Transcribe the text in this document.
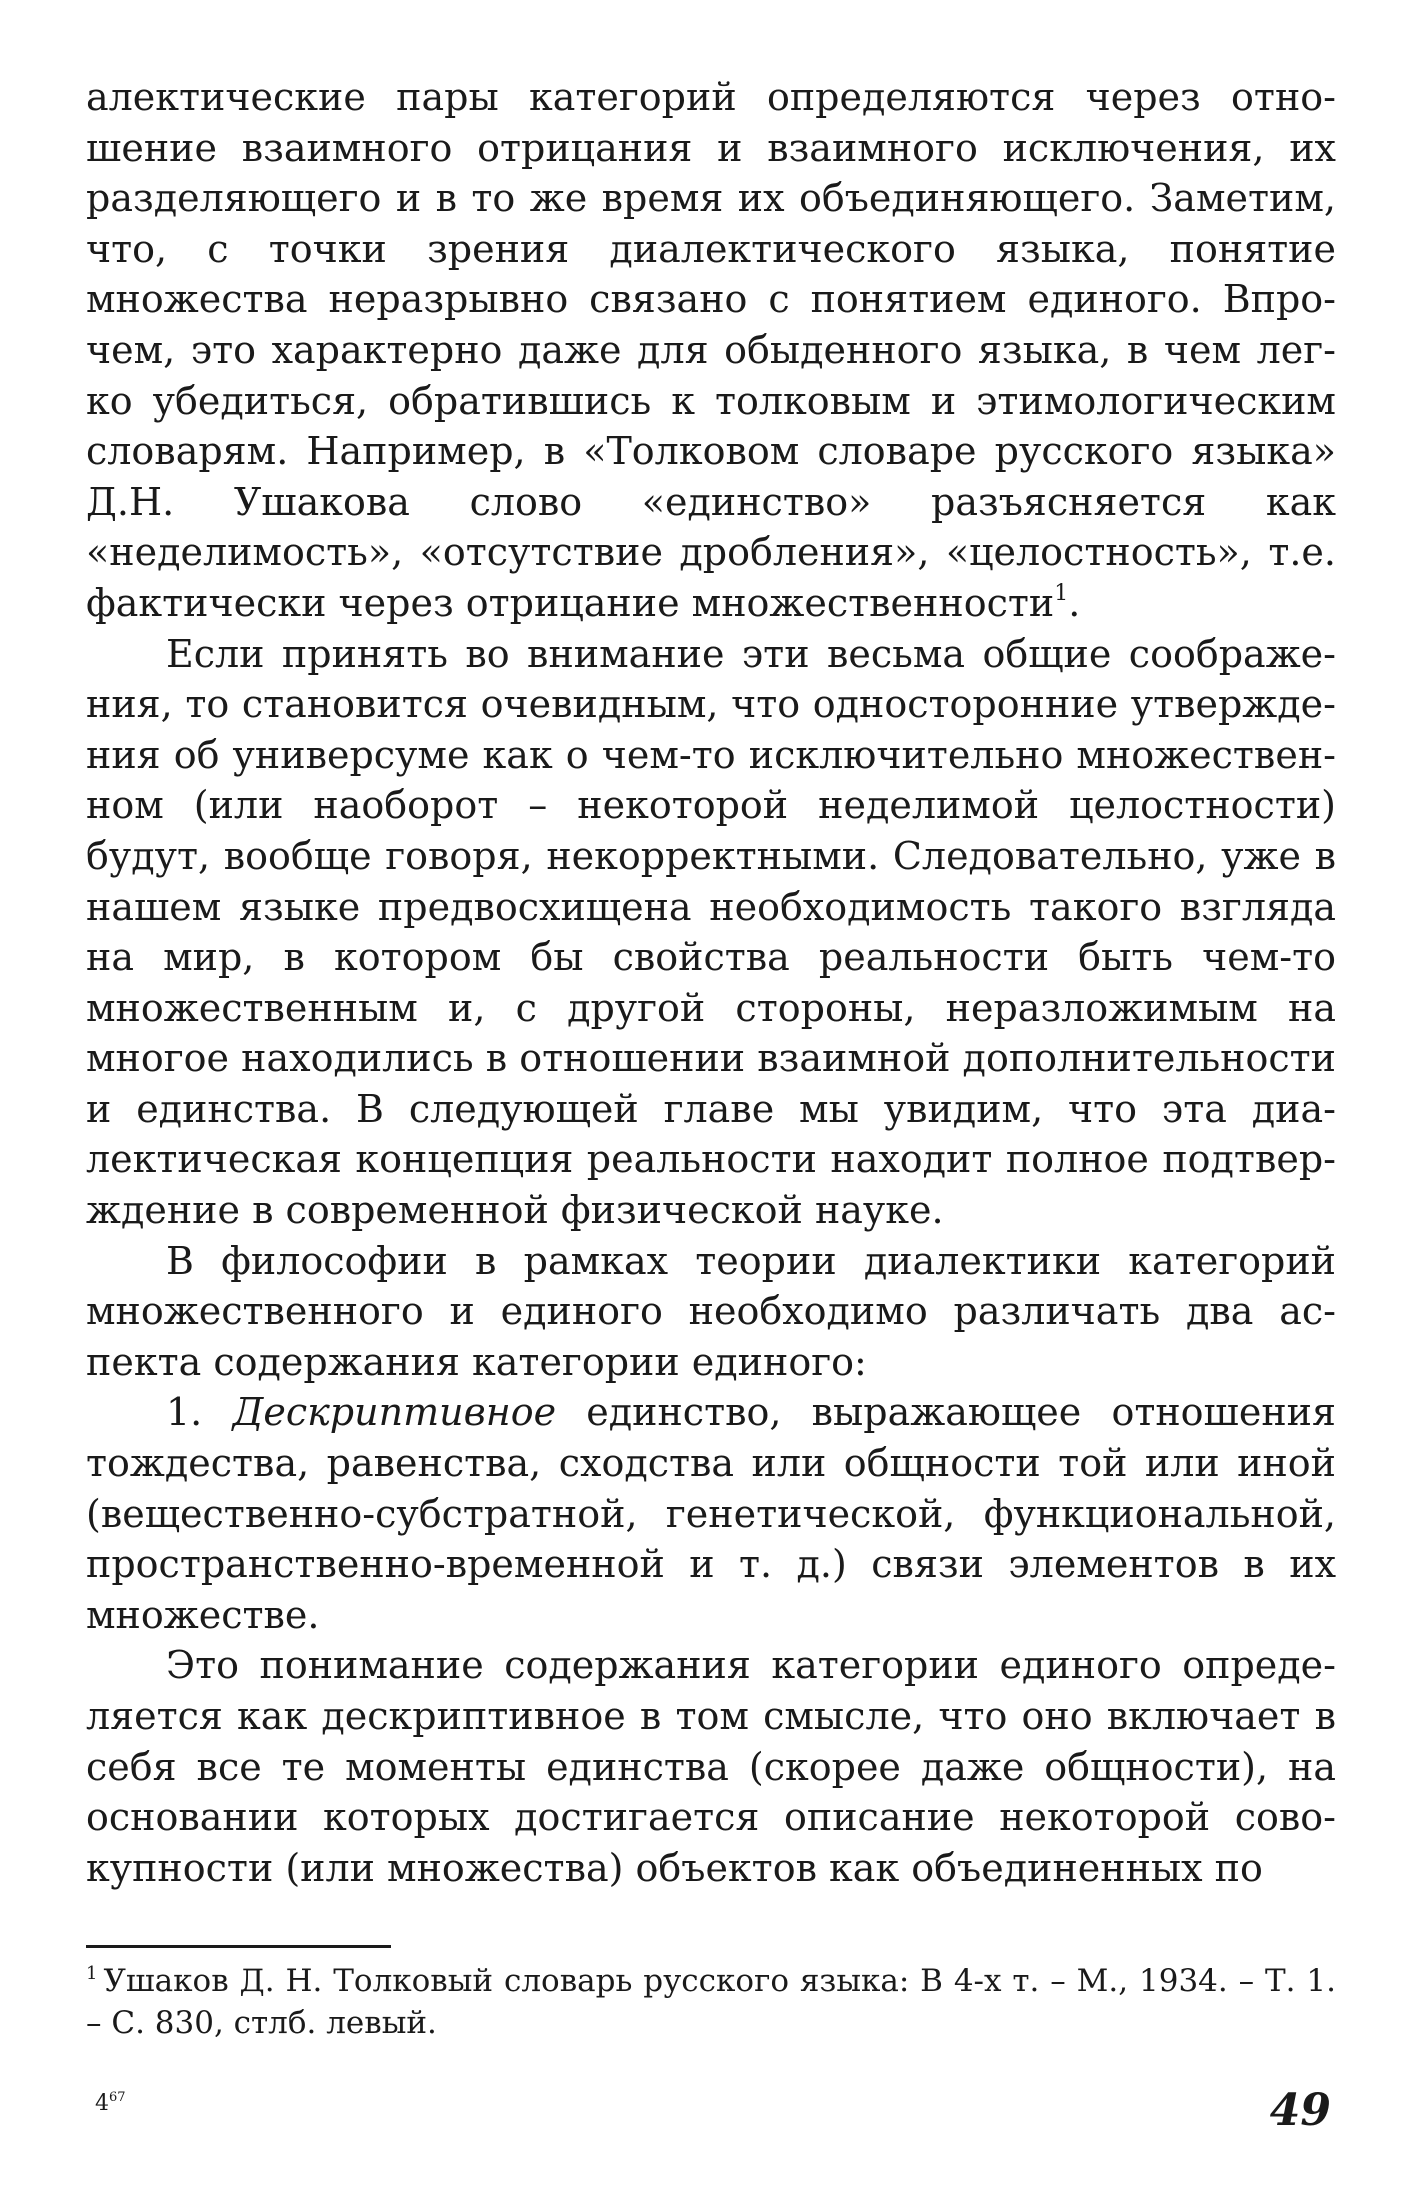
алектические пары категорий определяются через отношение взаимного отрицания и взаимного исключения, их разделяющего и в то же время их объединяющего. Заметим, что, с точки зрения диалектического языка, понятие множества неразрывно связано с понятием единого. Впрочем, это характерно даже для обыденного языка, в чем легко убедиться, обратившись к толковым и этимологическим словарям. Например, в «Толковом словаре русского языка» Д.Н. Ушакова слово «единство» разъясняется как «неделимость», «отсутствие дробления», «целостность», т.е. фактически через отрицание множественности$^1$.

Если принять во внимание эти весьма общие соображения, то становится очевидным, что односторонние утверждения об универсуме как о чем-то исключительно множественном (или наоборот – некоторой неделимой целостности) будут, вообще говоря, некорректными. Следовательно, уже в нашем языке предвосхищена необходимость такого взгляда на мир, в котором бы свойства реальности быть чем-то множественным и, с другой стороны, неразложимым на многое находились в отношении взаимной дополнительности и единства. В следующей главе мы увидим, что эта диалектическая концепция реальности находит полное подтверждение в современной физической науке.

В философии в рамках теории диалектики категорий множественного и единого необходимо различать два аспекта содержания категории единого:

1. Дескриптивное единство, выражающее отношения тождества, равенства, сходства или общности той или иной (вещественно-субстратной, генетической, функциональной, пространственно-временной и т. д.) связи элементов в их множестве.

Это понимание содержания категории единого определяется как дескриптивное в том смысле, что оно включает в себя все те моменты единства (скорее даже общности), на основании которых достигается описание некоторой совокупности (или множества) объектов как объединенных по

$^1$ Ушаков Д. Н. Толковый словарь русского языка: В 4-х т. – М., 1934. – Т. 1. – С. 830, стлб. левый.
$4^{67}$	49
